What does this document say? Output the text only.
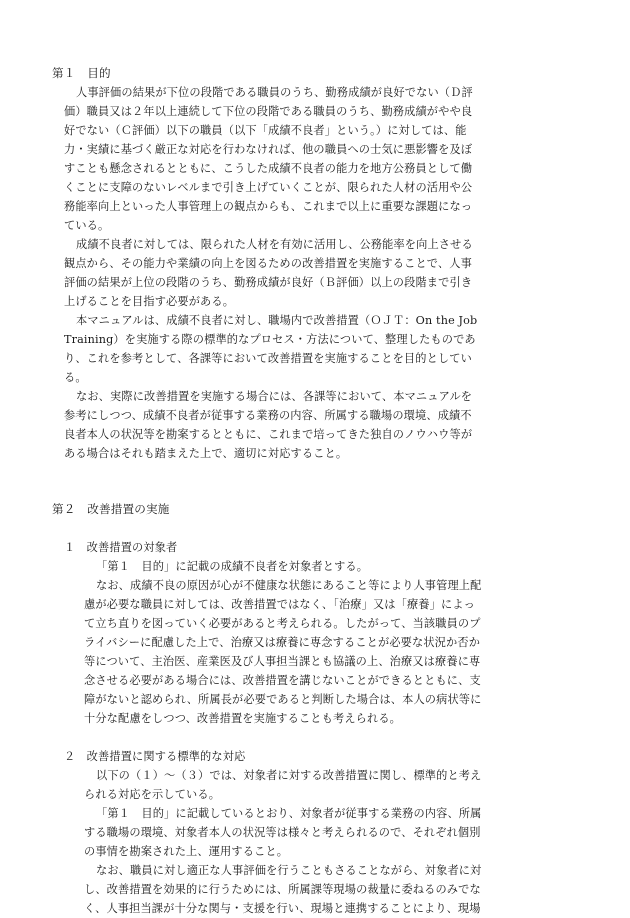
第１　目的

人事評価の結果が下位の段階である職員のうち、勤務成績が良好でない（Ｄ評

価）職員又は２年以上連続して下位の段階である職員のうち、勤務成績がやや良

好でない（Ｃ評価）以下の職員（以下「成績不良者」という。）に対しては、能

力・実績に基づく厳正な対応を行わなければ、他の職員への士気に悪影響を及ぼ

すことも懸念されるとともに、こうした成績不良者の能力を地方公務員として働

くことに支障のないレベルまで引き上げていくことが、限られた人材の活用や公

務能率向上といった人事管理上の観点からも、これまで以上に重要な課題になっ

ている。

成績不良者に対しては、限られた人材を有効に活用し、公務能率を向上させる

観点から、その能力や業績の向上を図るための改善措置を実施することで、人事

評価の結果が上位の段階のうち、勤務成績が良好（Ｂ評価）以上の段階まで引き

上げることを目指す必要がある。

本マニュアルは、成績不良者に対し、職場内で改善措置（ＯＪＴ：On the Job

Training）を実施する際の標準的なプロセス・方法について、整理したものであ

り、これを参考として、各課等において改善措置を実施することを目的としてい

る。

なお、実際に改善措置を実施する場合には、各課等において、本マニュアルを

参考にしつつ、成績不良者が従事する業務の内容、所属する職場の環境、成績不

良者本人の状況等を勘案するとともに、これまで培ってきた独自のノウハウ等が

ある場合はそれも踏まえた上で、適切に対応すること。

第２　改善措置の実施

１　改善措置の対象者

「第１　目的」に記載の成績不良者を対象者とする。

なお、成績不良の原因が心が不健康な状態にあること等により人事管理上配

慮が必要な職員に対しては、改善措置ではなく、「治療」又は「療養」によっ

て立ち直りを図っていく必要があると考えられる。したがって、当該職員のプ

ライバシーに配慮した上で、治療又は療養に専念することが必要な状況か否か

等について、主治医、産業医及び人事担当課とも協議の上、治療又は療養に専

念させる必要がある場合には、改善措置を講じないことができるとともに、支

障がないと認められ、所属長が必要であると判断した場合は、本人の病状等に

十分な配慮をしつつ、改善措置を実施することも考えられる。

２　改善措置に関する標準的な対応

以下の（１）～（３）では、対象者に対する改善措置に関し、標準的と考え

られる対応を示している。

「第１　目的」に記載しているとおり、対象者が従事する業務の内容、所属

する職場の環境、対象者本人の状況等は様々と考えられるので、それぞれ個別

の事情を勘案された上、運用すること。

なお、職員に対し適正な人事評価を行うこともさることながら、対象者に対

し、改善措置を効果的に行うためには、所属課等現場の裁量に委ねるのみでな

く、人事担当課が十分な関与・支援を行い、現場と連携することにより、現場
